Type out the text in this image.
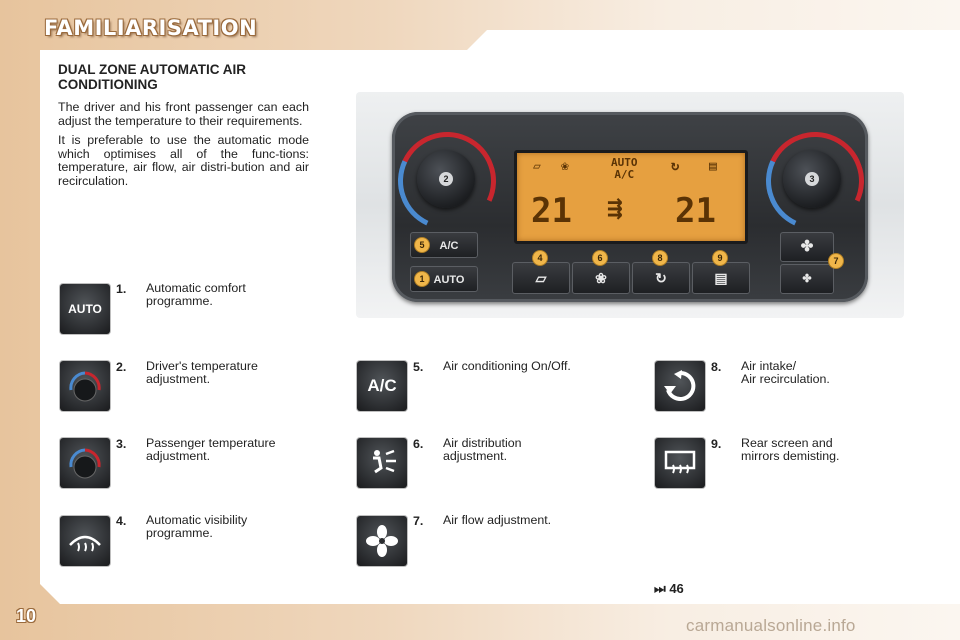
FAMILIARISATION
DUAL ZONE AUTOMATIC AIR CONDITIONING

The driver and his front passenger can each adjust the temperature to their requirements.

It is preferable to use the automatic mode which optimises all of the func-tions: temperature, air flow, air distri-bution and air recirculation.	2	3
▱ ❀	AUTO
A/C
↻ ▤
21 ⇶ 21
A/C
AUTO
5
1	▱	❀	↻	▤
4	6	8	9
✤
✤
7
AUTO
1. Automatic comfort
programme.
2. Driver's temperature
adjustment.
3. Passenger temperature
adjustment.
4. Automatic visibility
programme.
A/C
5. Air conditioning On/Off.
6. Air distribution
adjustment.
7. Air flow adjustment.
8. Air intake/
Air recirculation.
9. Rear screen and
mirrors demisting.
⏭ 46
10	carmanualsonline.info
